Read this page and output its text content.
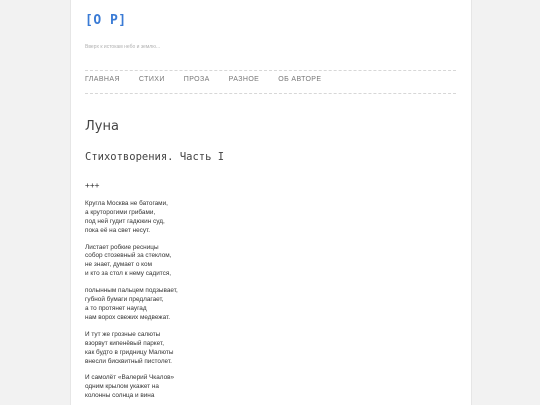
[О Р]
Вверх к истокам небо и землю...
ГЛАВНАЯ	СТИХИ	ПРОЗА	РАЗНОЕ	ОБ АВТОРЕ
Луна
Стихотворения. Часть I
+++
Кругла Москва не батогами,
а круторогими грибами,
под ней гудит гадюкин суд,
пока её на свет несут.
Листает робкие ресницы
собор стозевный за стеклом,
не знает, думает о ком
и кто за стол к нему садится,
полынным пальцем подзывает,
губной бумаги предлагает,
а то протянет наугад
нам ворох свежих медвежат.
И тут же грозные салюты
взорвут кипенёвый паркет,
как будто в гридницу Малюты
внесли бисквитный пистолет.
И самолёт «Валерий Чкалов»
одним крылом укажет на
колонны солнца и вина
